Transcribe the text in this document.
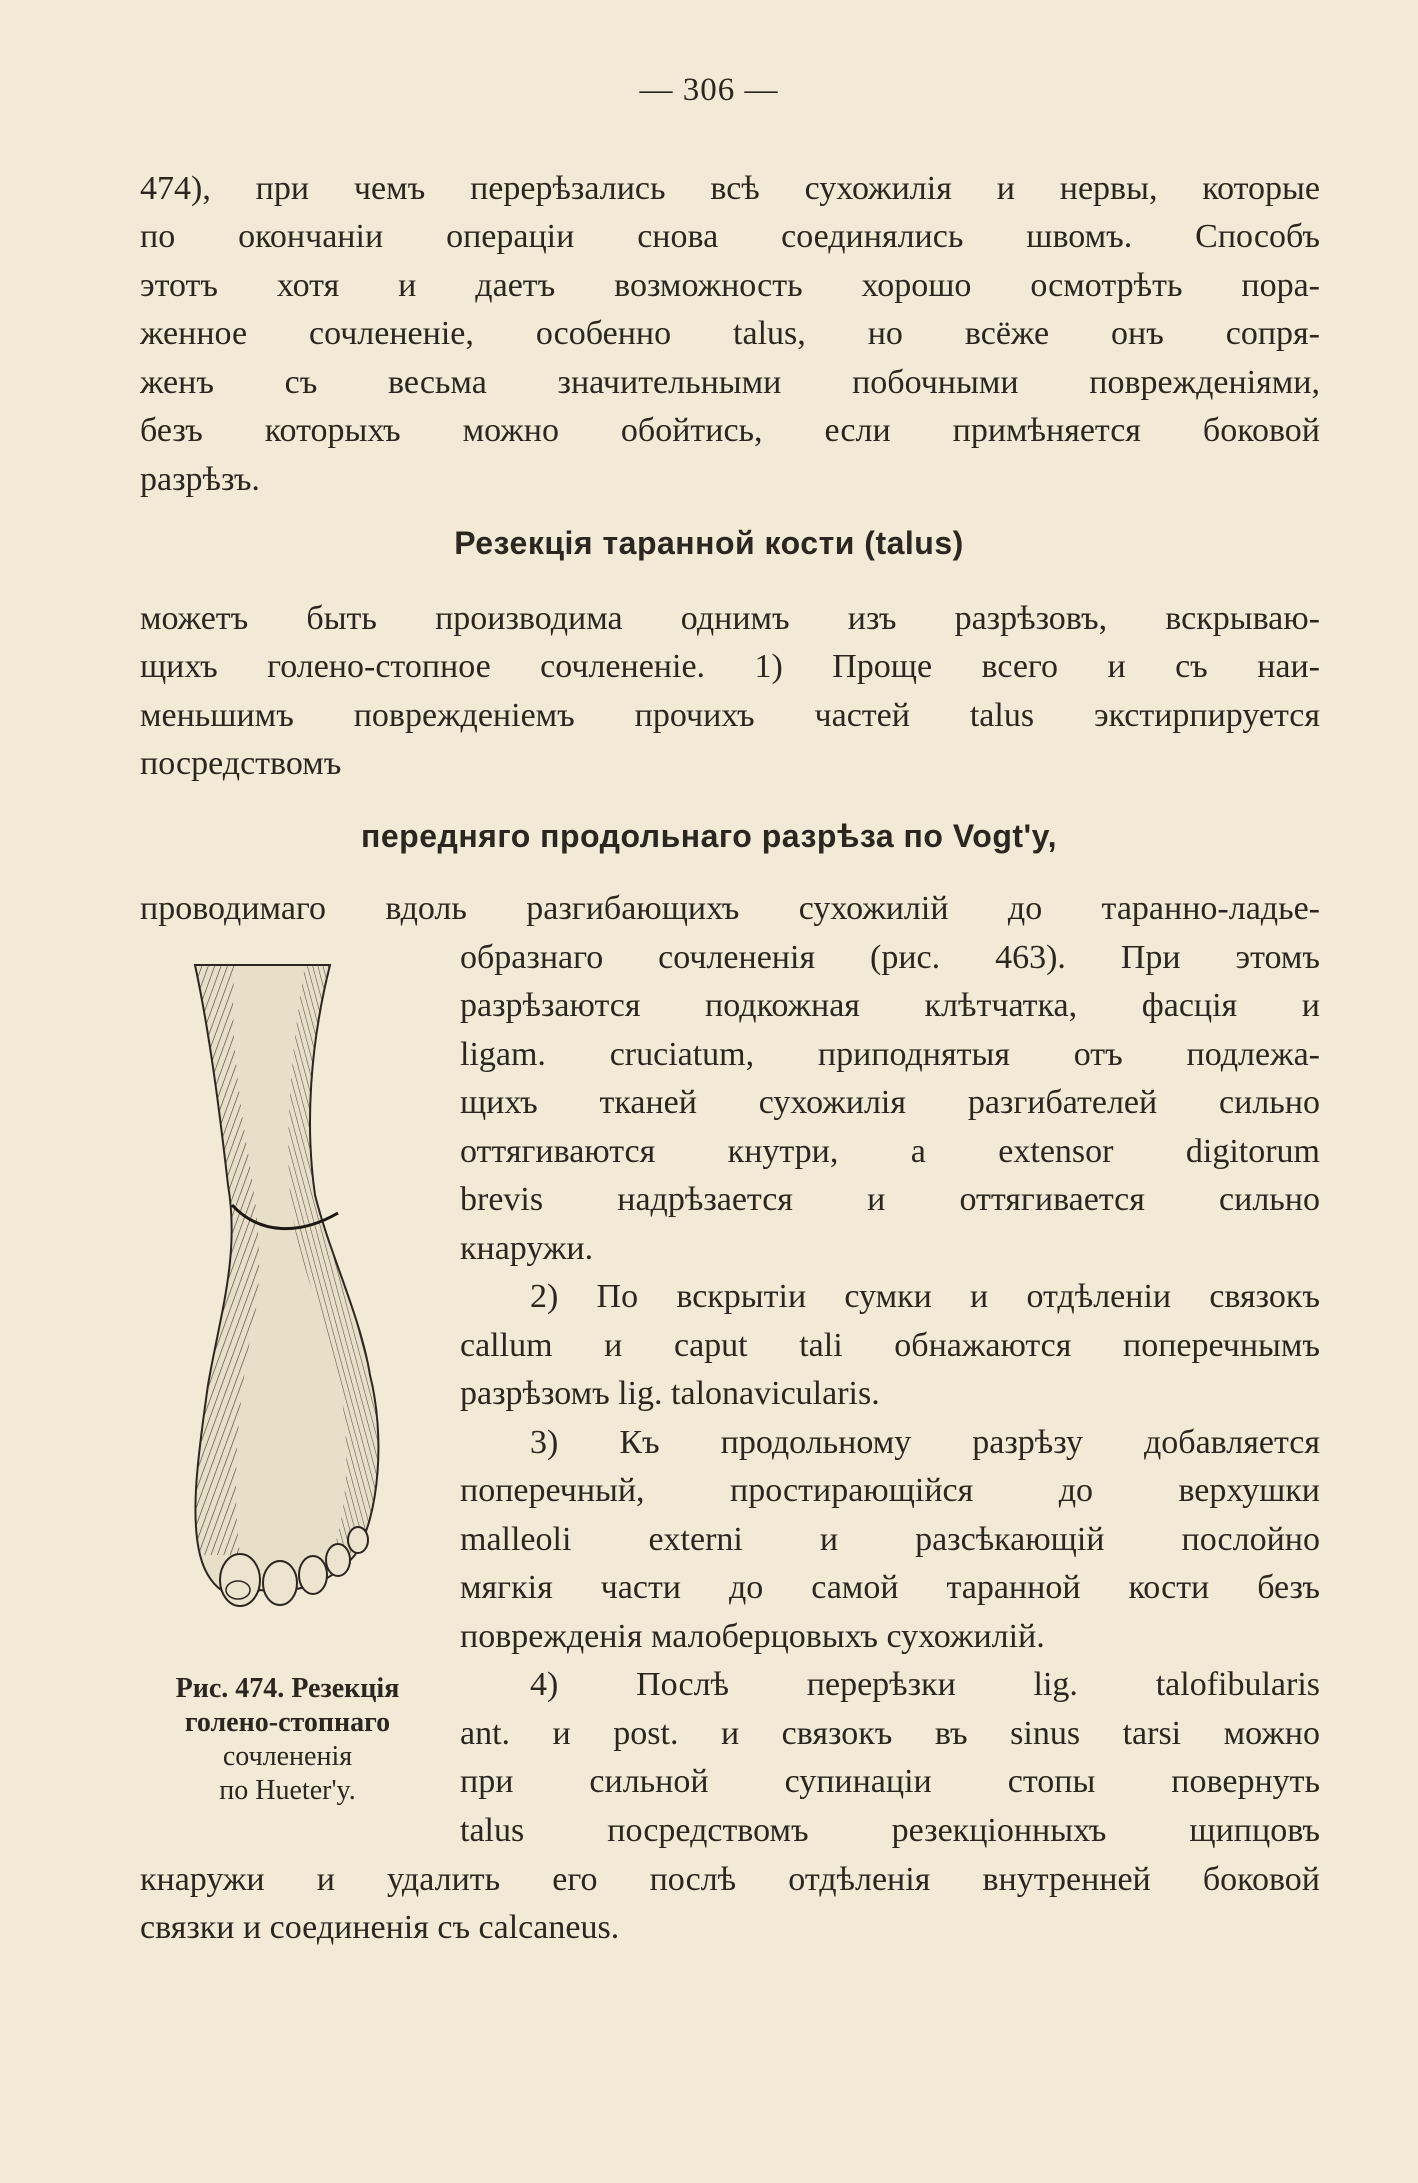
— 306 —
474), при чемъ перерѣзались всѣ сухожилія и нервы, которые
по окончаніи операціи снова соединялись швомъ. Способъ
этотъ хотя и даетъ возможность хорошо осмотрѣть пора-
женное сочлененіе, особенно talus, но всёже онъ сопря-
женъ съ весьма значительными побочными поврежденіями,
безъ которыхъ можно обойтись, если примѣняется боковой
разрѣзъ.
Резекція таранной кости (talus)
можетъ быть производима однимъ изъ разрѣзовъ, вскрываю-
щихъ голено-стопное сочлененіе. 1) Проще всего и съ наи-
меньшимъ поврежденіемъ прочихъ частей talus экстирпируется
посредствомъ
передняго продольнаго разрѣза по Vogt'y,
проводимаго вдоль разгибающихъ сухожилій до таранно-ладье-
Рис. 474. Резекція
голено-стопнаго
сочлененія
по Hueter'y.
образнаго сочлененія (рис. 463). При этомъ
разрѣзаются подкожная клѣтчатка, фасція и
ligam. cruciatum, приподнятыя отъ подлежа-
щихъ тканей сухожилія разгибателей сильно
оттягиваются кнутри, а extensor digitorum
brevis надрѣзается и оттягивается сильно
кнаружи.
2) По вскрытіи сумки и отдѣленіи связокъ
callum и caput tali обнажаются поперечнымъ
разрѣзомъ lig. talonavicularis.
3) Къ продольному разрѣзу добавляется
поперечный, простирающійся до верхушки
malleoli externi и разсѣкающій послойно
мягкія части до самой таранной кости безъ
поврежденія малоберцовыхъ сухожилій.
4) Послѣ перерѣзки lig. talofibularis
ant. и post. и связокъ въ sinus tarsi можно
при сильной супинаціи стопы повернуть
talus посредствомъ резекціонныхъ щипцовъ
кнаружи и удалить его послѣ отдѣленія внутренней боковой
связки и соединенія съ calcaneus.
